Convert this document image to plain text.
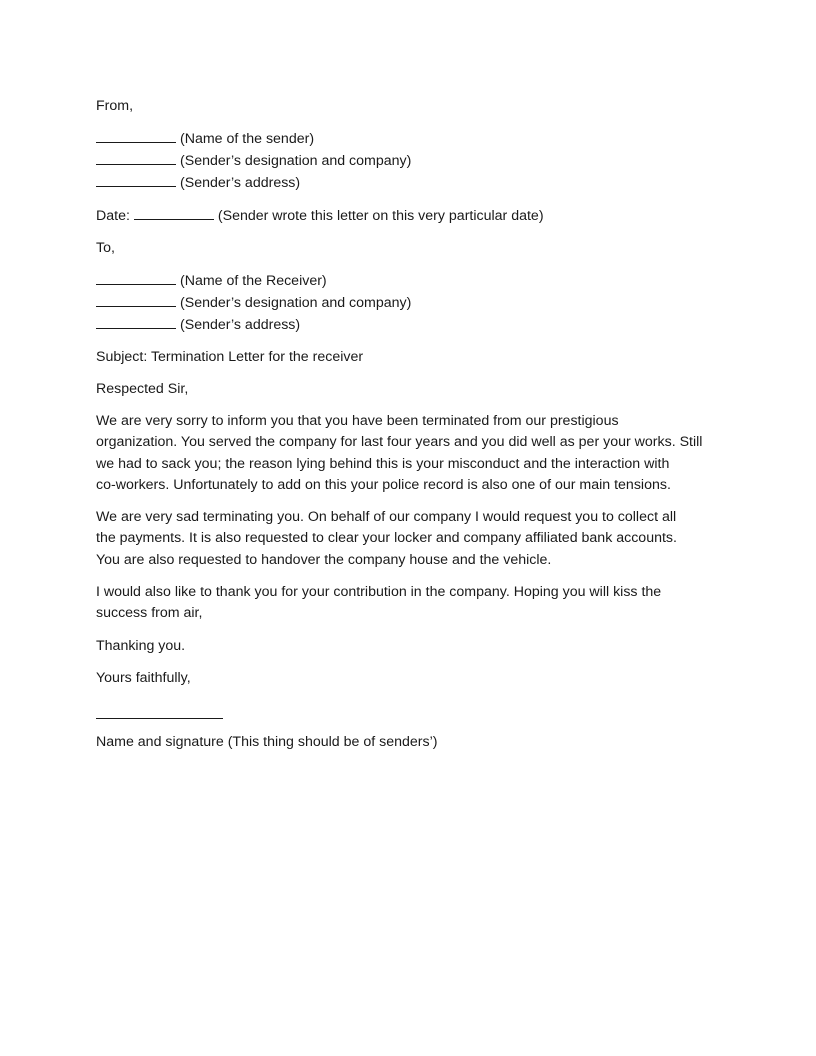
From,
(Name of the sender)
(Sender’s designation and company)
(Sender’s address)
Date:	(Sender wrote this letter on this very particular date)
To,
(Name of the Receiver)
(Sender’s designation and company)
(Sender’s address)
Subject: Termination Letter for the receiver
Respected Sir,
We are very sorry to inform you that you have been terminated from our prestigious
organization. You served the company for last four years and you did well as per your works. Still
we had to sack you; the reason lying behind this is your misconduct and the interaction with
co-workers. Unfortunately to add on this your police record is also one of our main tensions.
We are very sad terminating you. On behalf of our company I would request you to collect all
the payments. It is also requested to clear your locker and company affiliated bank accounts.
You are also requested to handover the company house and the vehicle.
I would also like to thank you for your contribution in the company. Hoping you will kiss the
success from air,
Thanking you.
Yours faithfully,
Name and signature (This thing should be of senders’)
